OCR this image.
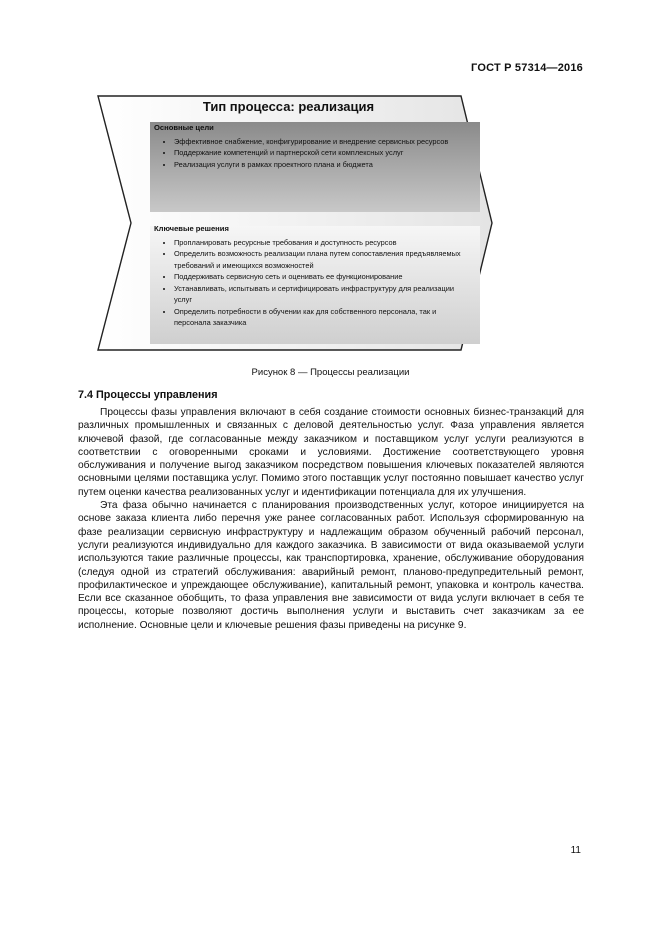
ГОСТ Р 57314—2016
Тип процесса: реализация
Основные цели
• Эффективное снабжение, конфигурирование и внедрение сервисных ресурсов
• Поддержание компетенций и партнерской сети комплексных услуг
• Реализация услуги в рамках проектного плана и бюджета
Ключевые решения
• Пропланировать ресурсные требования и доступность ресурсов
• Определить возможность реализации плана путем сопоставления предъявляемых требований и имеющихся возможностей
• Поддерживать сервисную сеть и оценивать ее функционирование
• Устанавливать, испытывать и сертифицировать инфраструктуру для реализации услуг
• Определить потребности в обучении как для собственного персонала, так и персонала заказчика
Рисунок 8 — Процессы реализации
7.4 Процессы управления

Процессы фазы управления включают в себя создание стоимости основных бизнес-транзакций для различных промышленных и связанных с деловой деятельностью услуг. Фаза управления является ключевой фазой, где согласованные между заказчиком и поставщиком услуг услуги реализуются в соответствии с оговоренными сроками и условиями. Достижение соответствующего уровня обслуживания и получение выгод заказчиком посредством повышения ключевых показателей являются основными целями поставщика услуг. Помимо этого поставщик услуг постоянно повышает качество услуг путем оценки качества реализованных услуг и идентификации потенциала для их улучшения.

Эта фаза обычно начинается с планирования производственных услуг, которое инициируется на основе заказа клиента либо перечня уже ранее согласованных работ. Используя сформированную на фазе реализации сервисную инфраструктуру и надлежащим образом обученный рабочий персонал, услуги реализуются индивидуально для каждого заказчика. В зависимости от вида оказываемой услуги используются такие различные процессы, как транспортировка, хранение, обслуживание оборудования (следуя одной из стратегий обслуживания: аварийный ремонт, планово-предупредительный ремонт, профилактическое и упреждающее обслуживание), капитальный ремонт, упаковка и контроль качества. Если все сказанное обобщить, то фаза управления вне зависимости от вида услуги включает в себя те процессы, которые позволяют достичь выполнения услуги и выставить счет заказчикам за ее исполнение. Основные цели и ключевые решения фазы приведены на рисунке 9.

11
